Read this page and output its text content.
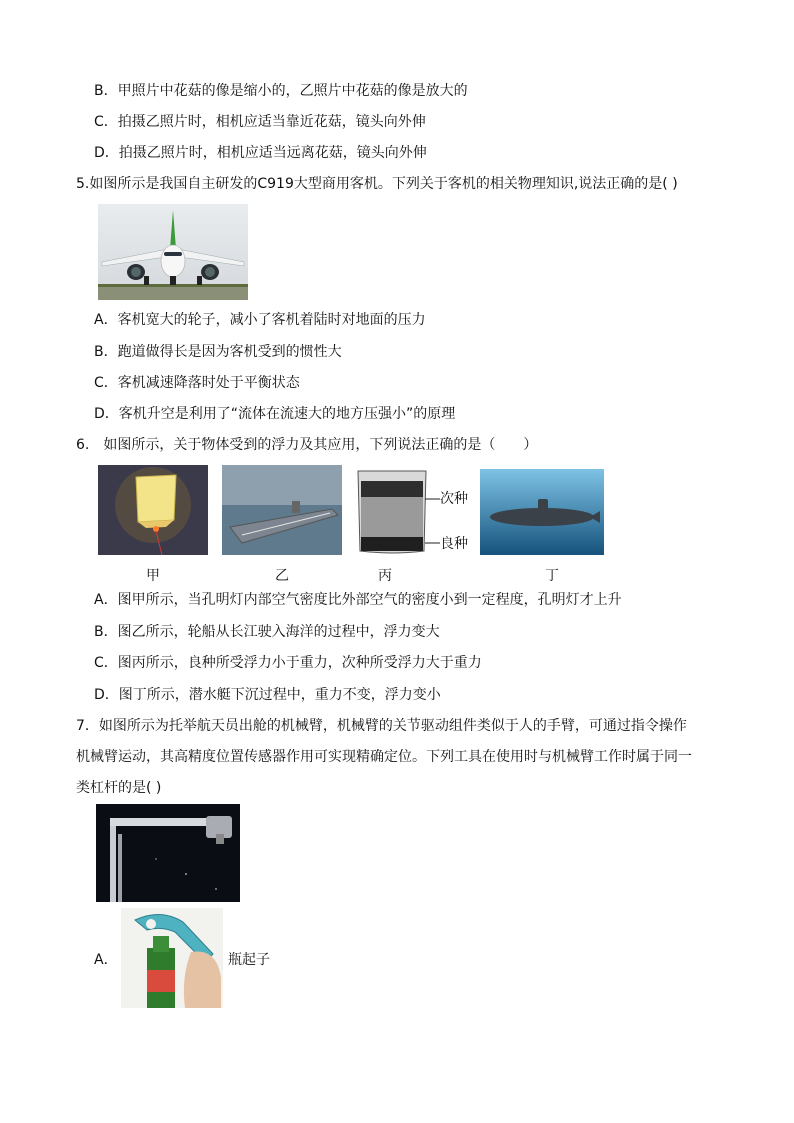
B．甲照片中花菇的像是缩小的，乙照片中花菇的像是放大的
C．拍摄乙照片时，相机应适当靠近花菇，镜头向外伸
D．拍摄乙照片时，相机应适当远离花菇，镜头向外伸
5.如图所示是我国自主研发的C919大型商用客机。下列关于客机的相关物理知识,说法正确的是( )
A．客机宽大的轮子，减小了客机着陆时对地面的压力
B．跑道做得长是因为客机受到的惯性大
C．客机减速降落时处于平衡状态
D．客机升空是利用了“流体在流速大的地方压强小”的原理
6.　如图所示，关于物体受到的浮力及其应用，下列说法正确的是（　　）
次种
良种
甲	乙	丙	丁
A．图甲所示，当孔明灯内部空气密度比外部空气的密度小到一定程度，孔明灯才上升
B．图乙所示，轮船从长江驶入海洋的过程中，浮力变大
C．图丙所示，良种所受浮力小于重力，次种所受浮力大于重力
D．图丁所示，潜水艇下沉过程中，重力不变，浮力变小
7．如图所示为托举航天员出舱的机械臂，机械臂的关节驱动组件类似于人的手臂，可通过指令操作
机械臂运动，其高精度位置传感器作用可实现精确定位。下列工具在使用时与机械臂工作时属于同一
类杠杆的是( )
A．	瓶起子
